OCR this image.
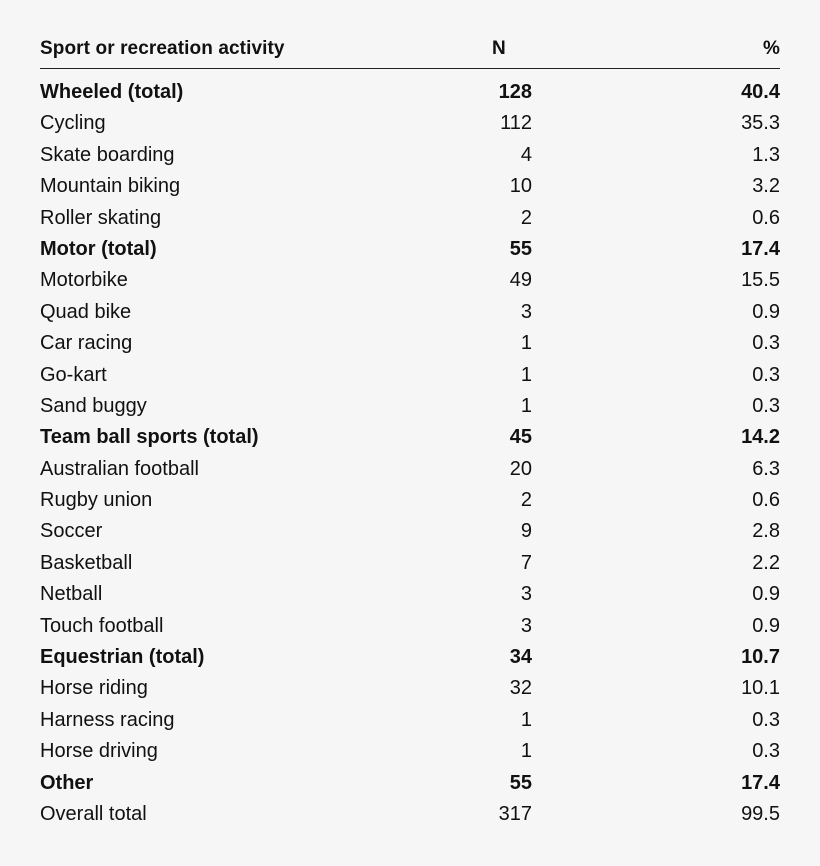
Sport or recreation activity	N	%
Wheeled (total)	128	40.4
Cycling	112	35.3
Skate boarding	4	1.3
Mountain biking	10	3.2
Roller skating	2	0.6
Motor (total)	55	17.4
Motorbike	49	15.5
Quad bike	3	0.9
Car racing	1	0.3
Go-kart	1	0.3
Sand buggy	1	0.3
Team ball sports (total)	45	14.2
Australian football	20	6.3
Rugby union	2	0.6
Soccer	9	2.8
Basketball	7	2.2
Netball	3	0.9
Touch football	3	0.9
Equestrian (total)	34	10.7
Horse riding	32	10.1
Harness racing	1	0.3
Horse driving	1	0.3
Other	55	17.4
Overall total	317	99.5
